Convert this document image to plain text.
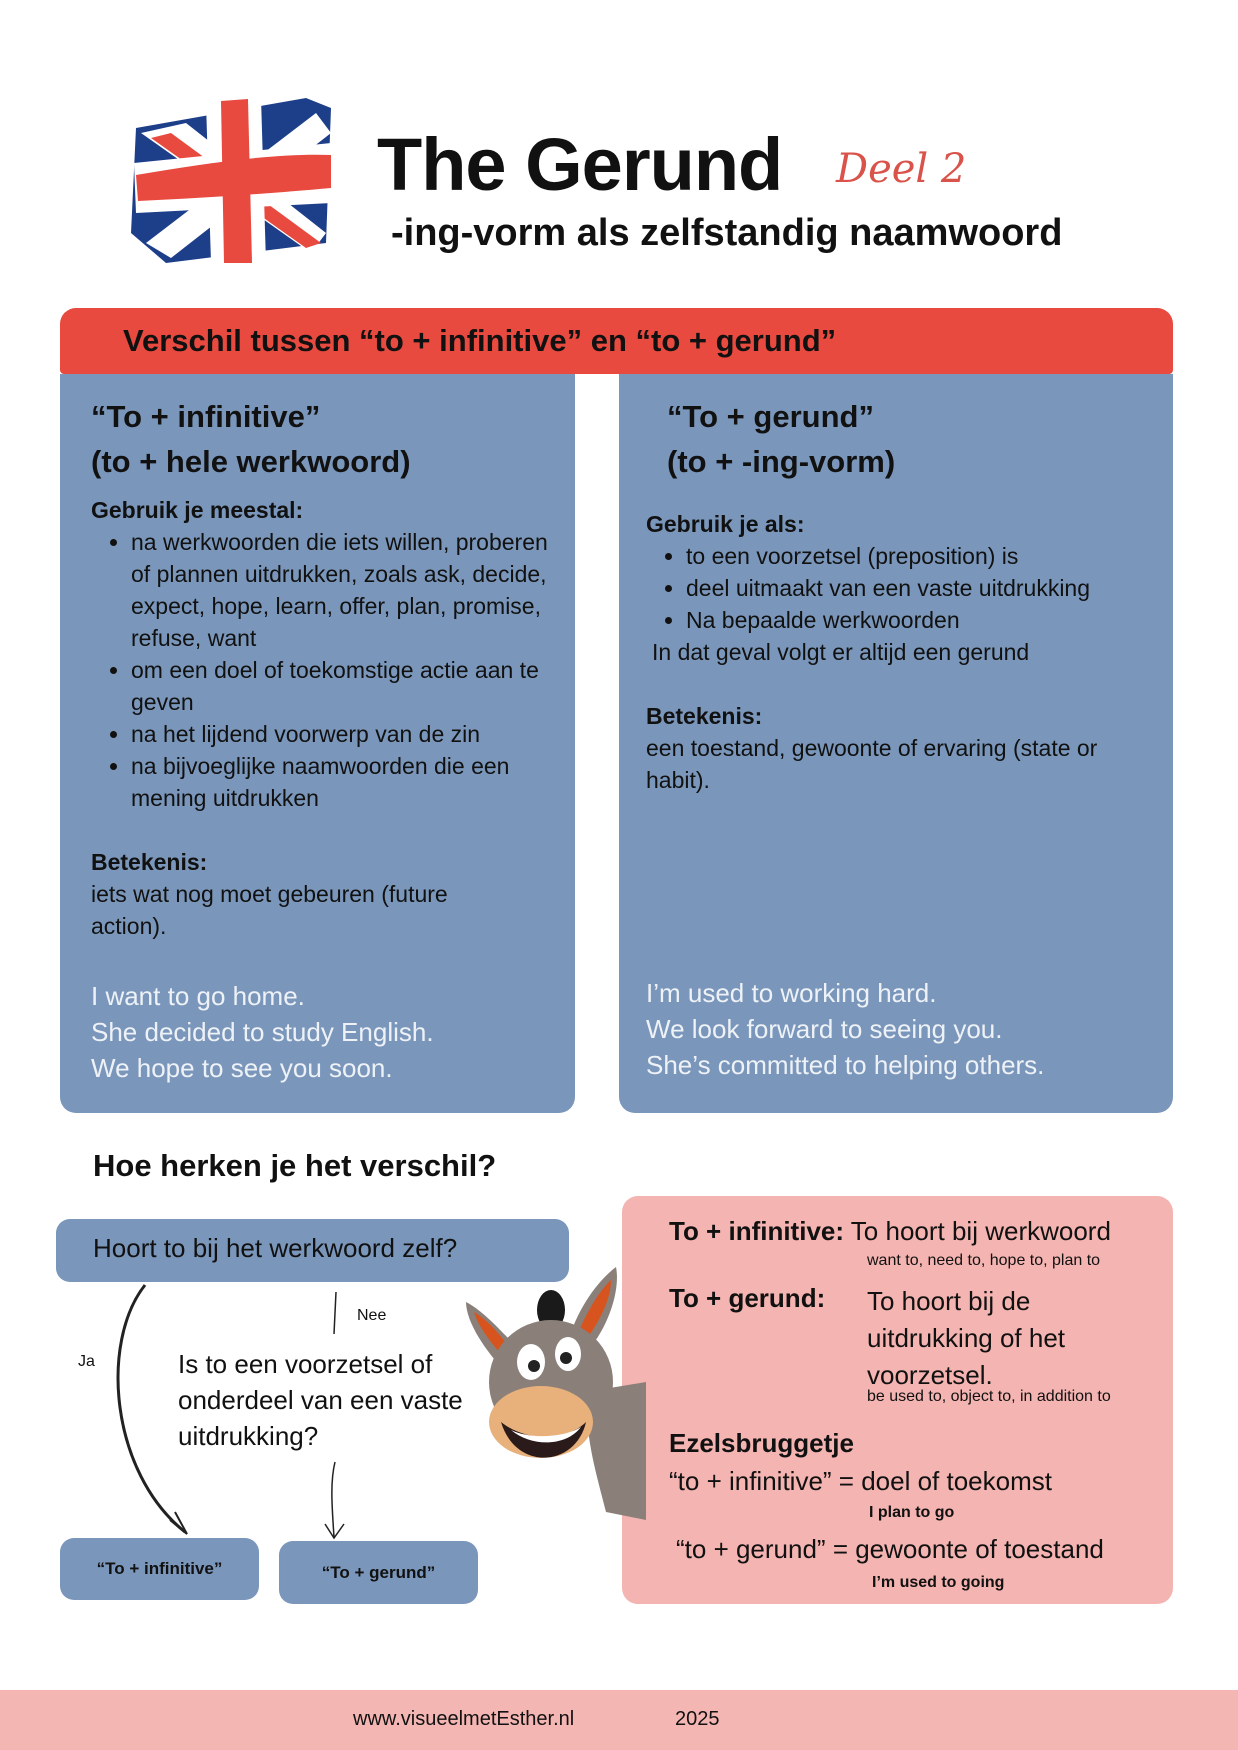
The Gerund Deel 2
-ing-vorm als zelfstandig naamwoord
Verschil tussen “to + infinitive” en “to + gerund”
“To + infinitive”
(to + hele werkwoord)
Gebruik je meestal:
• na werkwoorden die iets willen, proberen of plannen uitdrukken, zoals ask, decide, expect, hope, learn, offer, plan, promise, refuse, want
• om een doel of toekomstige actie aan te geven
• na het lijdend voorwerp van de zin
• na bijvoeglijke naamwoorden die een mening uitdrukken
Betekenis:
iets wat nog moet gebeuren (future action).
I want to go home.
She decided to study English.
We hope to see you soon.
“To + gerund”
(to + -ing-vorm)
Gebruik je als:
• to een voorzetsel (preposition) is
• deel uitmaakt van een vaste uitdrukking
• Na bepaalde werkwoorden
In dat geval volgt er altijd een gerund
Betekenis:
een toestand, gewoonte of ervaring (state or habit).
I’m used to working hard.
We look forward to seeing you.
She’s committed to helping others.
Hoe herken je het verschil?
Hoort to bij het werkwoord zelf?
Ja
Nee
Is to een voorzetsel of onderdeel van een vaste uitdrukking?
“To + infinitive”	“To + gerund”
To + infinitive: To hoort bij werkwoord
want to, need to, hope to, plan to
To + gerund: To hoort bij de uitdrukking of het voorzetsel.
be used to, object to, in addition to
Ezelsbruggetje
“to + infinitive” = doel of toekomst
I plan to go
“to + gerund” = gewoonte of toestand
I’m used to going
www.visueelmetEsther.nl	2025
